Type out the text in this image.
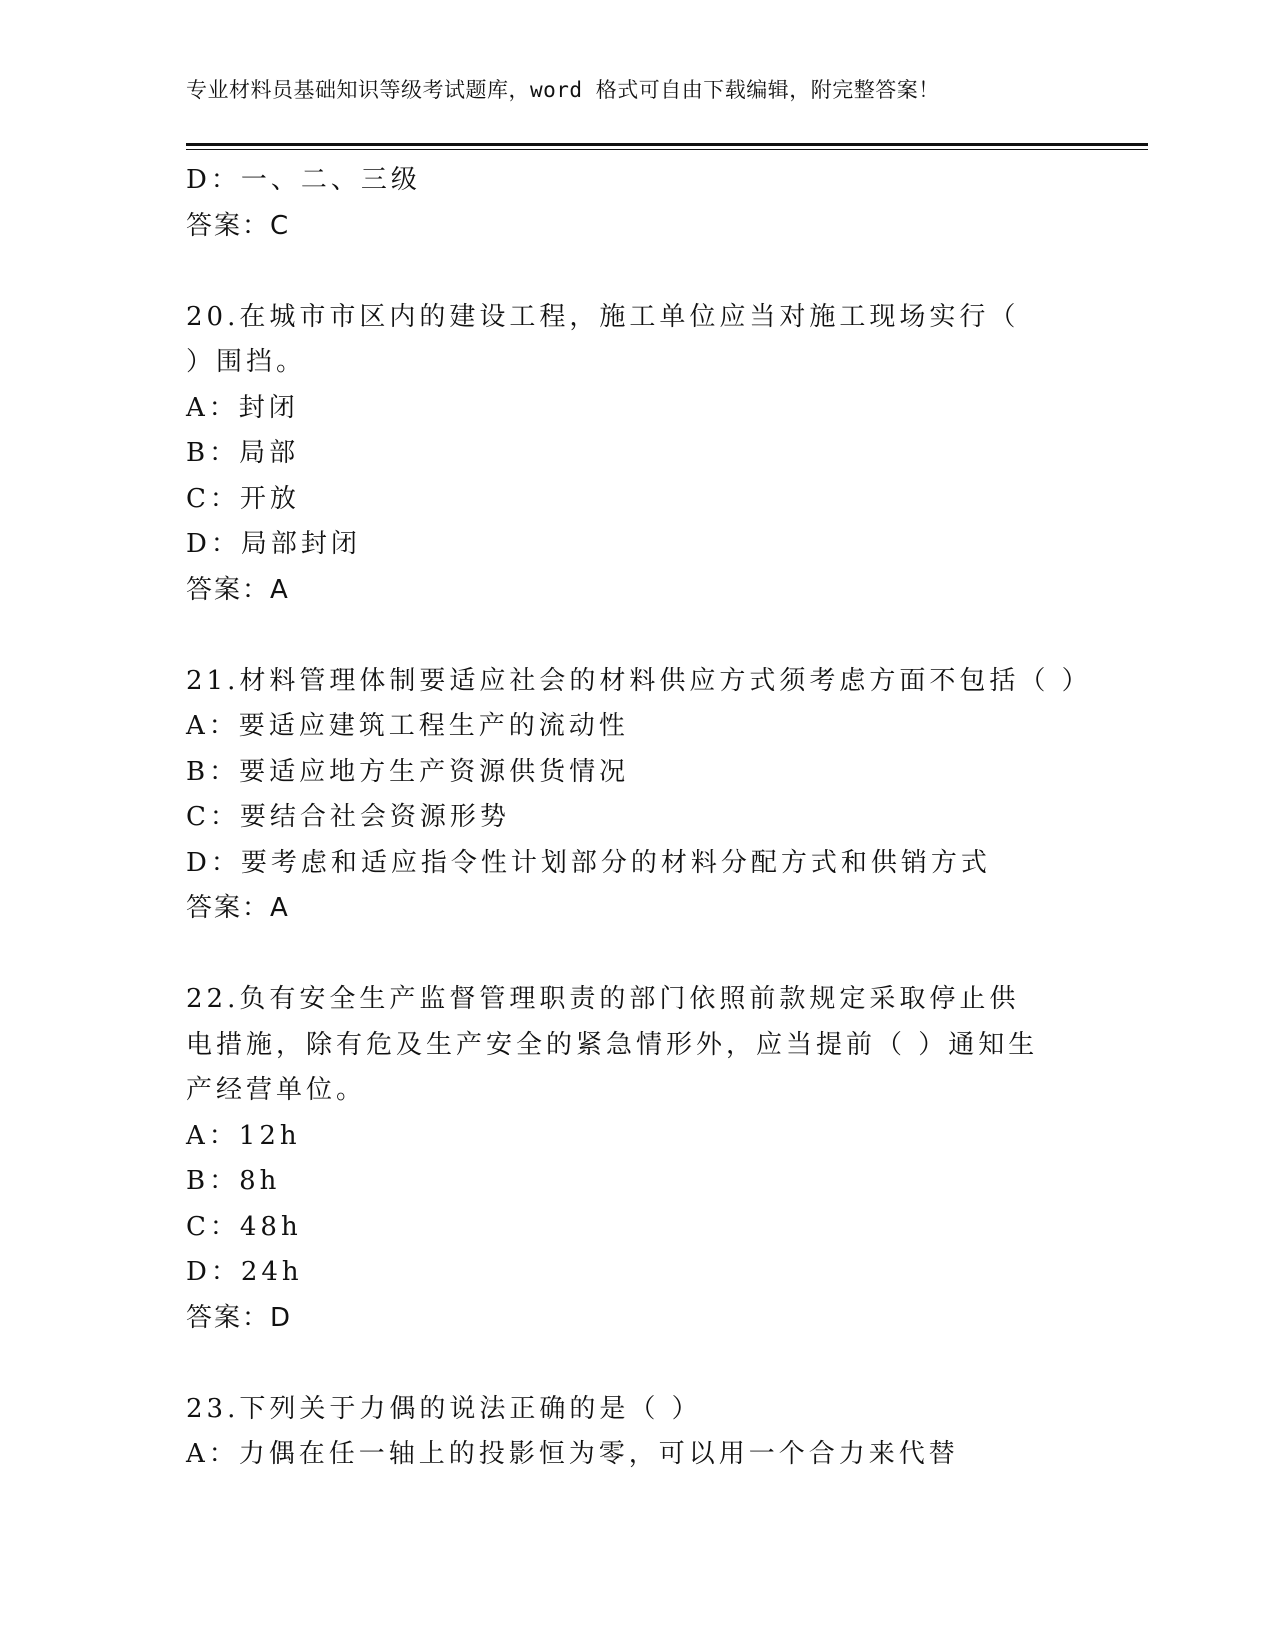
专业材料员基础知识等级考试题库，word 格式可自由下载编辑，附完整答案！
D：一、二、三级
答案：C
20.在城市市区内的建设工程，施工单位应当对施工现场实行（ ）围挡。
A：封闭
B：局部
C：开放
D：局部封闭
答案：A
21.材料管理体制要适应社会的材料供应方式须考虑方面不包括（ ）
A：要适应建筑工程生产的流动性
B：要适应地方生产资源供货情况
C：要结合社会资源形势
D：要考虑和适应指令性计划部分的材料分配方式和供销方式
答案：A
22.负有安全生产监督管理职责的部门依照前款规定采取停止供电措施，除有危及生产安全的紧急情形外，应当提前（ ）通知生产经营单位。
A：12h
B：8h
C：48h
D：24h
答案：D
23.下列关于力偶的说法正确的是（ ）
A：力偶在任一轴上的投影恒为零，可以用一个合力来代替
